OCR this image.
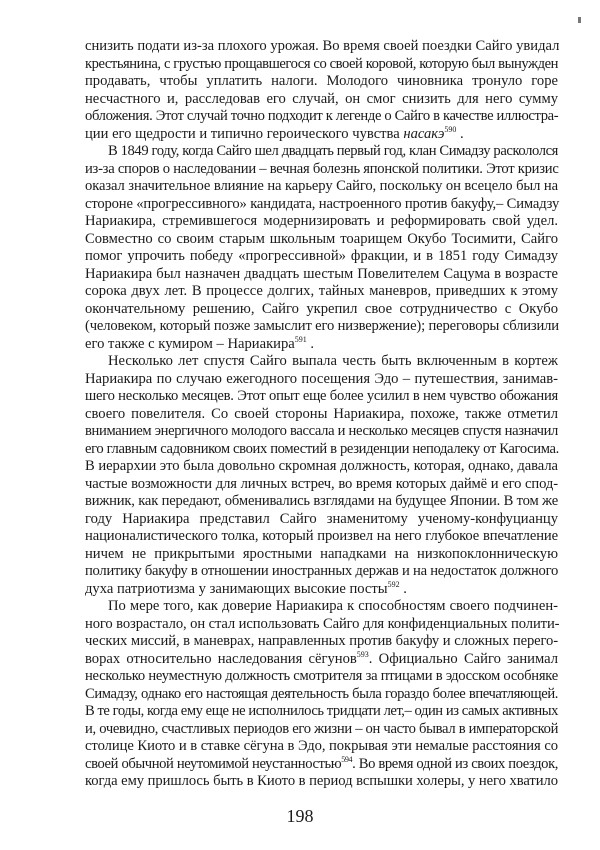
снизить подати из-за плохого урожая. Во время своей поездки Сайго увидал
крестьянина, с грустью прощавшегося со своей коровой, которую был вынужден
продавать, чтобы уплатить налоги. Молодого чиновника тронуло горе
несчастного и, расследовав его случай, он смог снизить для него сумму
обложения. Этот случай точно подходит к легенде о Сайго в качестве иллюстра-
ции его щедрости и типично героического чувства насакэ$^{590}$ .
В 1849 году, когда Сайго шел двадцать первый год, клан Симадзу раскололся
из-за споров о наследовании – вечная болезнь японской политики. Этот кризис
оказал значительное влияние на карьеру Сайго, поскольку он всецело был на
стороне «прогрессивного» кандидата, настроенного против бакуфу,– Симадзу
Нариакира, стремившегося модернизировать и реформировать свой удел.
Совместно со своим старым школьным тоарищем Окубо Тосимити, Сайго
помог упрочить победу «прогрессивной» фракции, и в 1851 году Симадзу
Нариакира был назначен двадцать шестым Повелителем Сацума в возрасте
сорока двух лет. В процессе долгих, тайных маневров, приведших к этому
окончательному решению, Сайго укрепил свое сотрудничество с Окубо
(человеком, который позже замыслит его низвержение); переговоры сблизили
его также с кумиром – Нариакира$^{591}$ .
Несколько лет спустя Сайго выпала честь быть включенным в кортеж
Нариакира по случаю ежегодного посещения Эдо – путешествия, занимав-
шего несколько месяцев. Этот опыт еще более усилил в нем чувство обожания
своего повелителя. Со своей стороны Нариакира, похоже, также отметил
вниманием энергичного молодого вассала и несколько месяцев спустя назначил
его главным садовником своих поместий в резиденции неподалеку от Кагосима.
В иерархии это была довольно скромная должность, которая, однако, давала
частые возможности для личных встреч, во время которых даймё и его спод-
вижник, как передают, обменивались взглядами на будущее Японии. В том же
году Нариакира представил Сайго знаменитому ученому-конфуцианцу
националистического толка, который произвел на него глубокое впечатление
ничем не прикрытыми яростными нападками на низкопоклонническую
политику бакуфу в отношении иностранных держав и на недостаток должного
духа патриотизма у занимающих высокие посты$^{592}$ .
По мере того, как доверие Нариакира к способностям своего подчинен-
ного возрастало, он стал использовать Сайго для конфиденциальных полити-
ческих миссий, в маневрах, направленных против бакуфу и сложных перего-
ворах относительно наследования сёгунов$^{593}$. Официально Сайго занимал
несколько неуместную должность смотрителя за птицами в эдосском особняке
Симадзу, однако его настоящая деятельность была гораздо более впечатляющей.
В те годы, когда ему еще не исполнилось тридцати лет,– один из самых активных
и, очевидно, счастливых периодов его жизни – он часто бывал в императорской
столице Киото и в ставке сёгуна в Эдо, покрывая эти немалые расстояния со
своей обычной неутомимой неустанностью$^{594}$. Во время одной из своих поездок,
когда ему пришлось быть в Киото в период вспышки холеры, у него хватило
198
